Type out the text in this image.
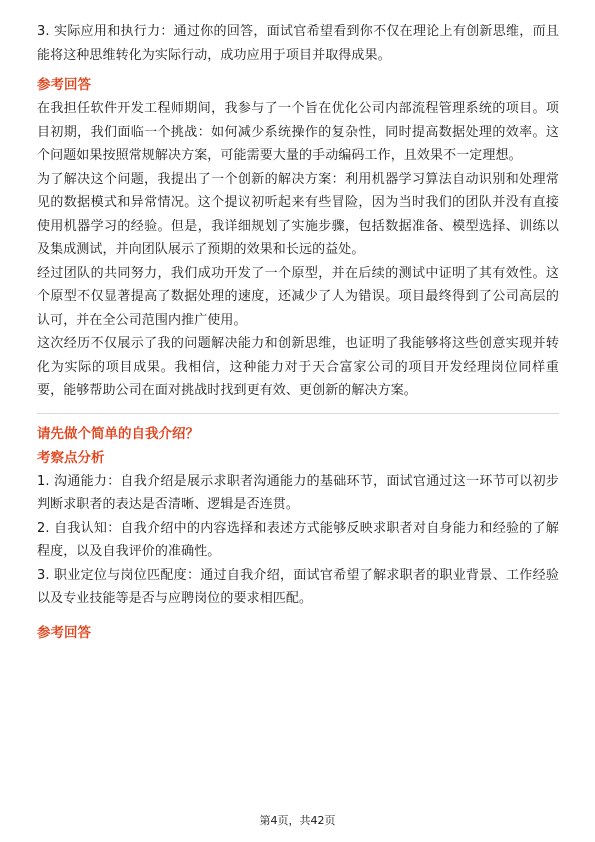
3. 实际应用和执行力：通过你的回答，面试官希望看到你不仅在理论上有创新思维，而且能将这种思维转化为实际行动，成功应用于项目并取得成果。

参考回答

在我担任软件开发工程师期间，我参与了一个旨在优化公司内部流程管理系统的项目。项目初期，我们面临一个挑战：如何减少系统操作的复杂性，同时提高数据处理的效率。这个问题如果按照常规解决方案，可能需要大量的手动编码工作，且效果不一定理想。

为了解决这个问题，我提出了一个创新的解决方案：利用机器学习算法自动识别和处理常见的数据模式和异常情况。这个提议初听起来有些冒险，因为当时我们的团队并没有直接使用机器学习的经验。但是，我详细规划了实施步骤，包括数据准备、模型选择、训练以及集成测试，并向团队展示了预期的效果和长远的益处。

经过团队的共同努力，我们成功开发了一个原型，并在后续的测试中证明了其有效性。这个原型不仅显著提高了数据处理的速度，还减少了人为错误。项目最终得到了公司高层的认可，并在全公司范围内推广使用。

这次经历不仅展示了我的问题解决能力和创新思维，也证明了我能够将这些创意实现并转化为实际的项目成果。我相信，这种能力对于天合富家公司的项目开发经理岗位同样重要，能够帮助公司在面对挑战时找到更有效、更创新的解决方案。

请先做个简单的自我介绍？

考察点分析

1. 沟通能力：自我介绍是展示求职者沟通能力的基础环节，面试官通过这一环节可以初步判断求职者的表达是否清晰、逻辑是否连贯。

2. 自我认知：自我介绍中的内容选择和表述方式能够反映求职者对自身能力和经验的了解程度，以及自我评价的准确性。

3. 职业定位与岗位匹配度：通过自我介绍，面试官希望了解求职者的职业背景、工作经验以及专业技能等是否与应聘岗位的要求相匹配。

参考回答

第4页，共42页
